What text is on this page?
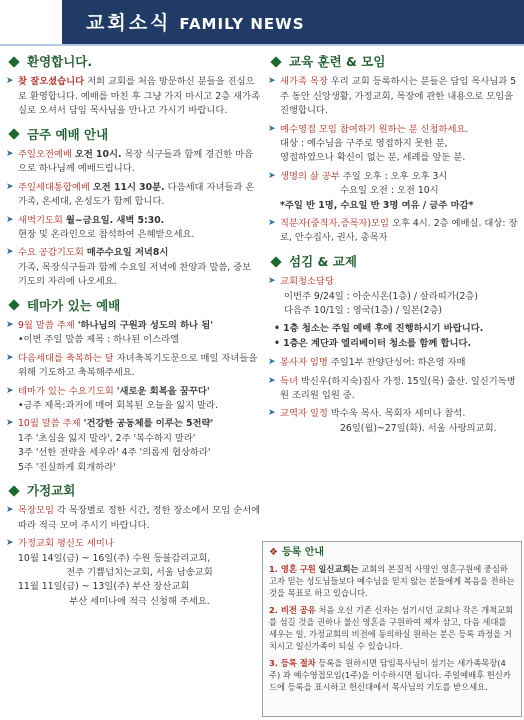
교회소식 FAMILY NEWS
환영합니다.
➤ 찾 잘오셨습니다 저희 교회를 처음 방문하신 분들을 진심으로 환영합니다. 예배를 마친 후 그냥 가지 마시고 2층 새가족실로 오셔서 담임 목사님을 만나고 가시기 바랍니다.
금주 예배 안내
➤ 주일오전예배 오전 10시. 목장 식구들과 함께 경건한 마음으로 하나님께 예배드립니다.
➤ 주일세대통합예배 오전 11시 30분. 다음세대 자녀들과 온가족, 온세대, 온성도가 함께 합니다.
➤ 새벽기도회 월~금요일. 새벽 5:30.
현장 및 온라인으로 참석하여 은혜받으세요.
➤ 수요 공감기도회 매주수요일 저녁8시
가족, 목장식구들과 함께 수요일 저녁에 찬양과 말씀, 중보 기도의 자리에 나오세요.
테마가 있는 예배
➤ 9월 말씀 주제 '하나님의 구원과 성도의 하나 됨'
•이번 주일 말씀 제목 : 하나된 이스라엘
➤ 다음세대를 축복하는 달 자녀축복기도문으로 매일 자녀들을 위해 기도하고 축복해주세요.
➤ 테마가 있는 수요기도회 '새로운 회복을 꿈꾸다'
•금주 제목:과거에 매여 회복된 오늘을 잃지 말라.
➤ 10월 말씀 주제 '건강한 공동체를 이루는 5전략'
1주 '초심을 잃지 말라', 2주 '복수하지 말라'
3주 '선한 전략을 세우라' 4주 '의롭게 협상하라'
5주 '진실하게 회개하라'
가정교회
➤ 목장모임 각 목장별로 정한 시간, 정한 장소에서 모임 순서에 따라 적극 모여 주시기 바랍니다.
➤ 가정교회 평신도 세미나
10월 14일(금) ~ 16일(주) 수원 등불감리교회,
전주 기쁨넘치는교회, 서울 남송교회
11월 11일(금) ~ 13일(주) 부산 장산교회
부산 세미나에 적극 신청해 주세요.
교육 훈련 & 모임
➤ 새가족 목장 우리 교회 등록하시는 분들은 담임 목사님과 5주 동안 신앙생활, 가정교회, 목장에 관한 내용으로 모임을 진행합니다.
➤ 예수영접 모임 참여하기 원하는 분 신청하세요.
대상 : 예수님을 구주로 영접하지 못한 분,
영접하였으나 확신이 없는 분, 세례를 앞둔 분.
➤ 생명의 삶 공부 주일 오후 : 오후 오후 3시
수요일 오전 : 오전 10시
*주일 반 1명, 수요일 반 3명 여유 / 금주 마감*
➤ 직분자(중직자,증목자)모임 오후 4시. 2층 예배실. 대상: 장로, 안수집사, 권사, 총목자
섬김 & 교제
➤ 교회청소담당
이번주 9/24일 : 아순시온(1층) / 살라띠가(2층)
다음주 10/1일 : 영국(1층) / 일본(2층)
• 1층 청소는 주일 예배 후에 진행하시기 바랍니다.
• 1층은 계단과 엘리베이터 청소를 함께 합니다.
➤ 봉사자 임명 주일1부 찬양단싱어: 하은영 자매
➤ 득녀 박신우(하지숙)집사 가정. 15일(목) 출산. 일신기독병원 조리원 입원 중.
➤ 교역자 일정 박수욱 목사. 목회자 세미나 참석.
26일(월)~27일(화). 서울 사랑의교회.
❖ 등록 안내
1. 영혼 구원 일신교회는 교회의 본질적 사명인 영혼구원에 중심하고자 믿는 성도님들보다 예수님을 믿지 않는 분들에게 복음을 전하는 것을 목표로 하고 있습니다.
2. 비전 공유 처음 오신 기존 신자는 섬기시던 교회나 작은 개척교회를 섬길 것을 권하나 불신 영혼을 구원하여 제자 삼고, 다음 세대를 세우는 일, 가정교회의 비전에 동의하실 원하는 분은 등록 과정을 거치시고 일신가족이 되실 수 있습니다.
3. 등록 절차 등록을 원하시면 담임목사님이 섬기는 새가족목장(4주) 과 예수영접모임(1주)을 이수하시면 됩니다. 주일예배후 헌신카드에 등록을 표시하고 헌신대에서 목사님의 기도를 받으세요.
